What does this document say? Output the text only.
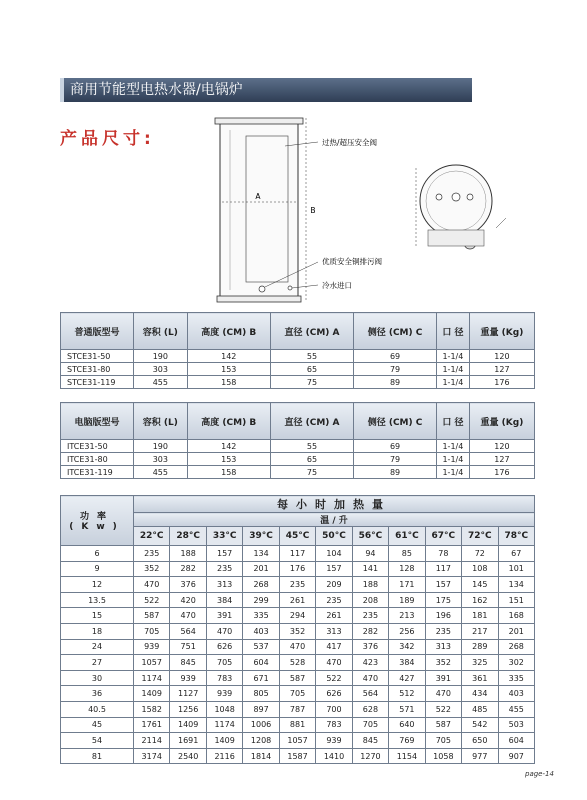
商用节能型电热水器/电锅炉
产品尺寸:
A
B
过热/超压安全阀
优质安全铜排污阀
冷水进口
普通版型号	容积 (L)	高度 (CM) B	直径 (CM) A	侧径 (CM) C	口 径	重量 (Kg)
STCE31-50	190	142	55	69	1-1/4	120
STCE31-80	303	153	65	79	1-1/4	127
STCE31-119	455	158	75	89	1-1/4	176
电脑版型号	容积 (L)	高度 (CM) B	直径 (CM) A	侧径 (CM) C	口 径	重量 (Kg)
ITCE31-50	190	142	55	69	1-1/4	120
ITCE31-80	303	153	65	79	1-1/4	127
ITCE31-119	455	158	75	89	1-1/4	176
功率 (Kw)	每小时加热量										
	温 / 升										
	22°C	28°C	33°C	39°C	45°C	50°C	56°C	61°C	67°C	72°C	78°C
6	235	188	157	134	117	104	94	85	78	72	67
9	352	282	235	201	176	157	141	128	117	108	101
12	470	376	313	268	235	209	188	171	157	145	134
13.5	522	420	384	299	261	235	208	189	175	162	151
15	587	470	391	335	294	261	235	213	196	181	168
18	705	564	470	403	352	313	282	256	235	217	201
24	939	751	626	537	470	417	376	342	313	289	268
27	1057	845	705	604	528	470	423	384	352	325	302
30	1174	939	783	671	587	522	470	427	391	361	335
36	1409	1127	939	805	705	626	564	512	470	434	403
40.5	1582	1256	1048	897	787	700	628	571	522	485	455
45	1761	1409	1174	1006	881	783	705	640	587	542	503
54	2114	1691	1409	1208	1057	939	845	769	705	650	604
81	3174	2540	2116	1814	1587	1410	1270	1154	1058	977	907
page-14
